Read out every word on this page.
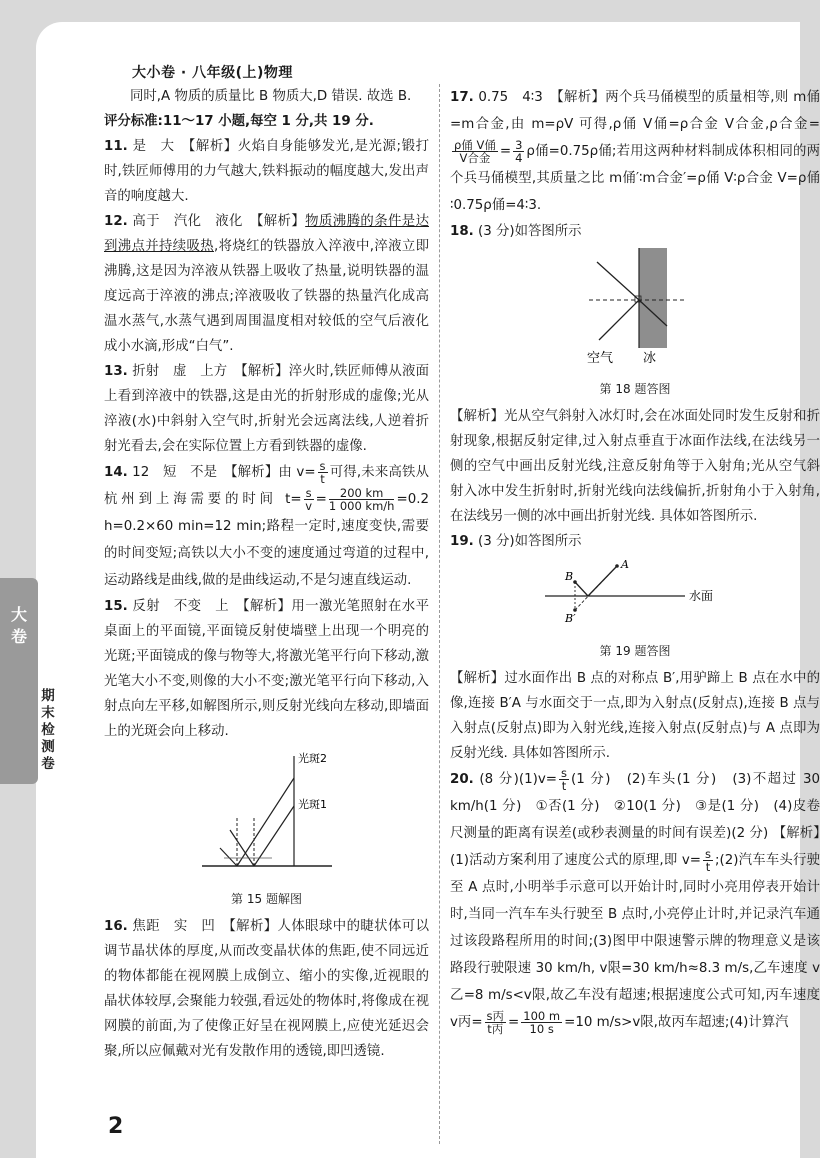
大小卷 · 八年级(上)物理

同时,A 物质的质量比 B 物质大,D 错误. 故选 B.

评分标准:11～17 小题,每空 1 分,共 19 分.

11. 是　大　【解析】火焰自身能够发光,是光源;锻打时,铁匠师傅用的力气越大,铁料振动的幅度越大,发出声音的响度越大.

12. 高于　汽化　液化　【解析】物质沸腾的条件是达到沸点并持续吸热,将烧红的铁器放入淬液中,淬液立即沸腾,这是因为淬液从铁器上吸收了热量,说明铁器的温度远高于淬液的沸点;淬液吸收了铁器的热量汽化成高温水蒸气,水蒸气遇到周围温度相对较低的空气后液化成小水滴,形成“白气”.

13. 折射　虚　上方　【解析】淬火时,铁匠师傅从液面上看到淬液中的铁器,这是由光的折射形成的虚像;光从淬液(水)中斜射入空气时,折射光会远离法线,人逆着折射光看去,会在实际位置上方看到铁器的虚像.

14. 12　短　不是　【解析】由 $v= \frac{s}{t}$ 可得,未来高铁从杭州到上海需要的时间 $t= \frac{s}{v} = \frac{200 km}{1 000 km/h} =0.2$ h=0.2×60 min=12 min;路程一定时,速度变快,需要的时间变短;高铁以大小不变的速度通过弯道的过程中,运动路线是曲线,做的是曲线运动,不是匀速直线运动.

15. 反射　不变　上　【解析】用一激光笔照射在水平桌面上的平面镜,平面镜反射使墙壁上出现一个明亮的光斑;平面镜成的像与物等大,将激光笔平行向下移动,激光笔大小不变,则像的大小不变;激光笔平行向下移动,入射点向左平移,如解图所示,则反射光线向左移动,即墙面上的光斑会向上移动.

光斑2
光斑1
第 15 题解图

16. 焦距　实　凹　【解析】人体眼球中的睫状体可以调节晶状体的厚度,从而改变晶状体的焦距,使不同远近的物体都能在视网膜上成倒立、缩小的实像,近视眼的晶状体较厚,会聚能力较强,看远处的物体时,将像成在视网膜的前面,为了使像正好呈在视网膜上,应使光延迟会聚,所以应佩戴对光有发散作用的透镜,即凹透镜.

17. 0.75　4∶3　【解析】两个兵马俑模型的质量相等,则 m俑=m合金,由 m=ρV 可得,ρ俑 V俑=ρ合金 V合金,ρ合金=
$\frac{\text{ρ俑 V俑}}{\text{V合金}} = \frac{3}{4}$ ρ俑=0.75ρ俑;若用这两种材料制成体积相同的两个兵马俑模型,其质量之比 m俑′∶m合金′=ρ俑 V∶ρ合金 V=ρ俑∶0.75ρ俑=4∶3.

18. (3 分)如答图所示

空气 冰
第 18 题答图

【解析】光从空气斜射入冰灯时,会在冰面处同时发生反射和折射现象,根据反射定律,过入射点垂直于冰面作法线,在法线另一侧的空气中画出反射光线,注意反射角等于入射角;光从空气斜射入冰中发生折射时,折射光线向法线偏折,折射角小于入射角,在法线另一侧的冰中画出折射光线. 具体如答图所示.

19. (3 分)如答图所示

B
A
B′
水面
第 19 题答图

【解析】过水面作出 B 点的对称点 B′,用驴蹄上 B 点在水中的像,连接 B′A 与水面交于一点,即为入射点(反射点),连接 B 点与入射点(反射点)即为入射光线,连接入射点(反射点)与 A 点即为反射光线. 具体如答图所示.

20. (8 分)$(1)v= \frac{s}{t} (1$ 分)　(2)车头(1 分)　(3)不超过 30 km/h(1 分)　①否(1 分)　②10(1 分)　③是(1 分)　(4)皮卷尺测量的距离有误差(或秒表测量的时间有误差)(2 分) 【解析】(1)活动方案利用了速度公式的原理,即 $v= \frac{s}{t}$ ;(2)汽车车头行驶至 A 点时,小明举手示意可以开始计时,同时小亮用停表开始计时,当同一汽车车头行驶至 B 点时,小亮停止计时,并记录汽车通过该段路程所用的时间;(3)图甲中限速警示牌的物理意义是该路段行驶限速 30 km/h, v限=30 km/h≈8.3 m/s,乙车速度 v乙=8 m/s<v限,故乙车没有超速;根据速度公式可知,丙车速度 v丙= $\frac{\text{s丙}}{\text{t丙}} = \frac{100 m}{10 s} =10$ m/s>v限,故丙车超速;(4)计算汽

2
大 卷
期末检测卷
